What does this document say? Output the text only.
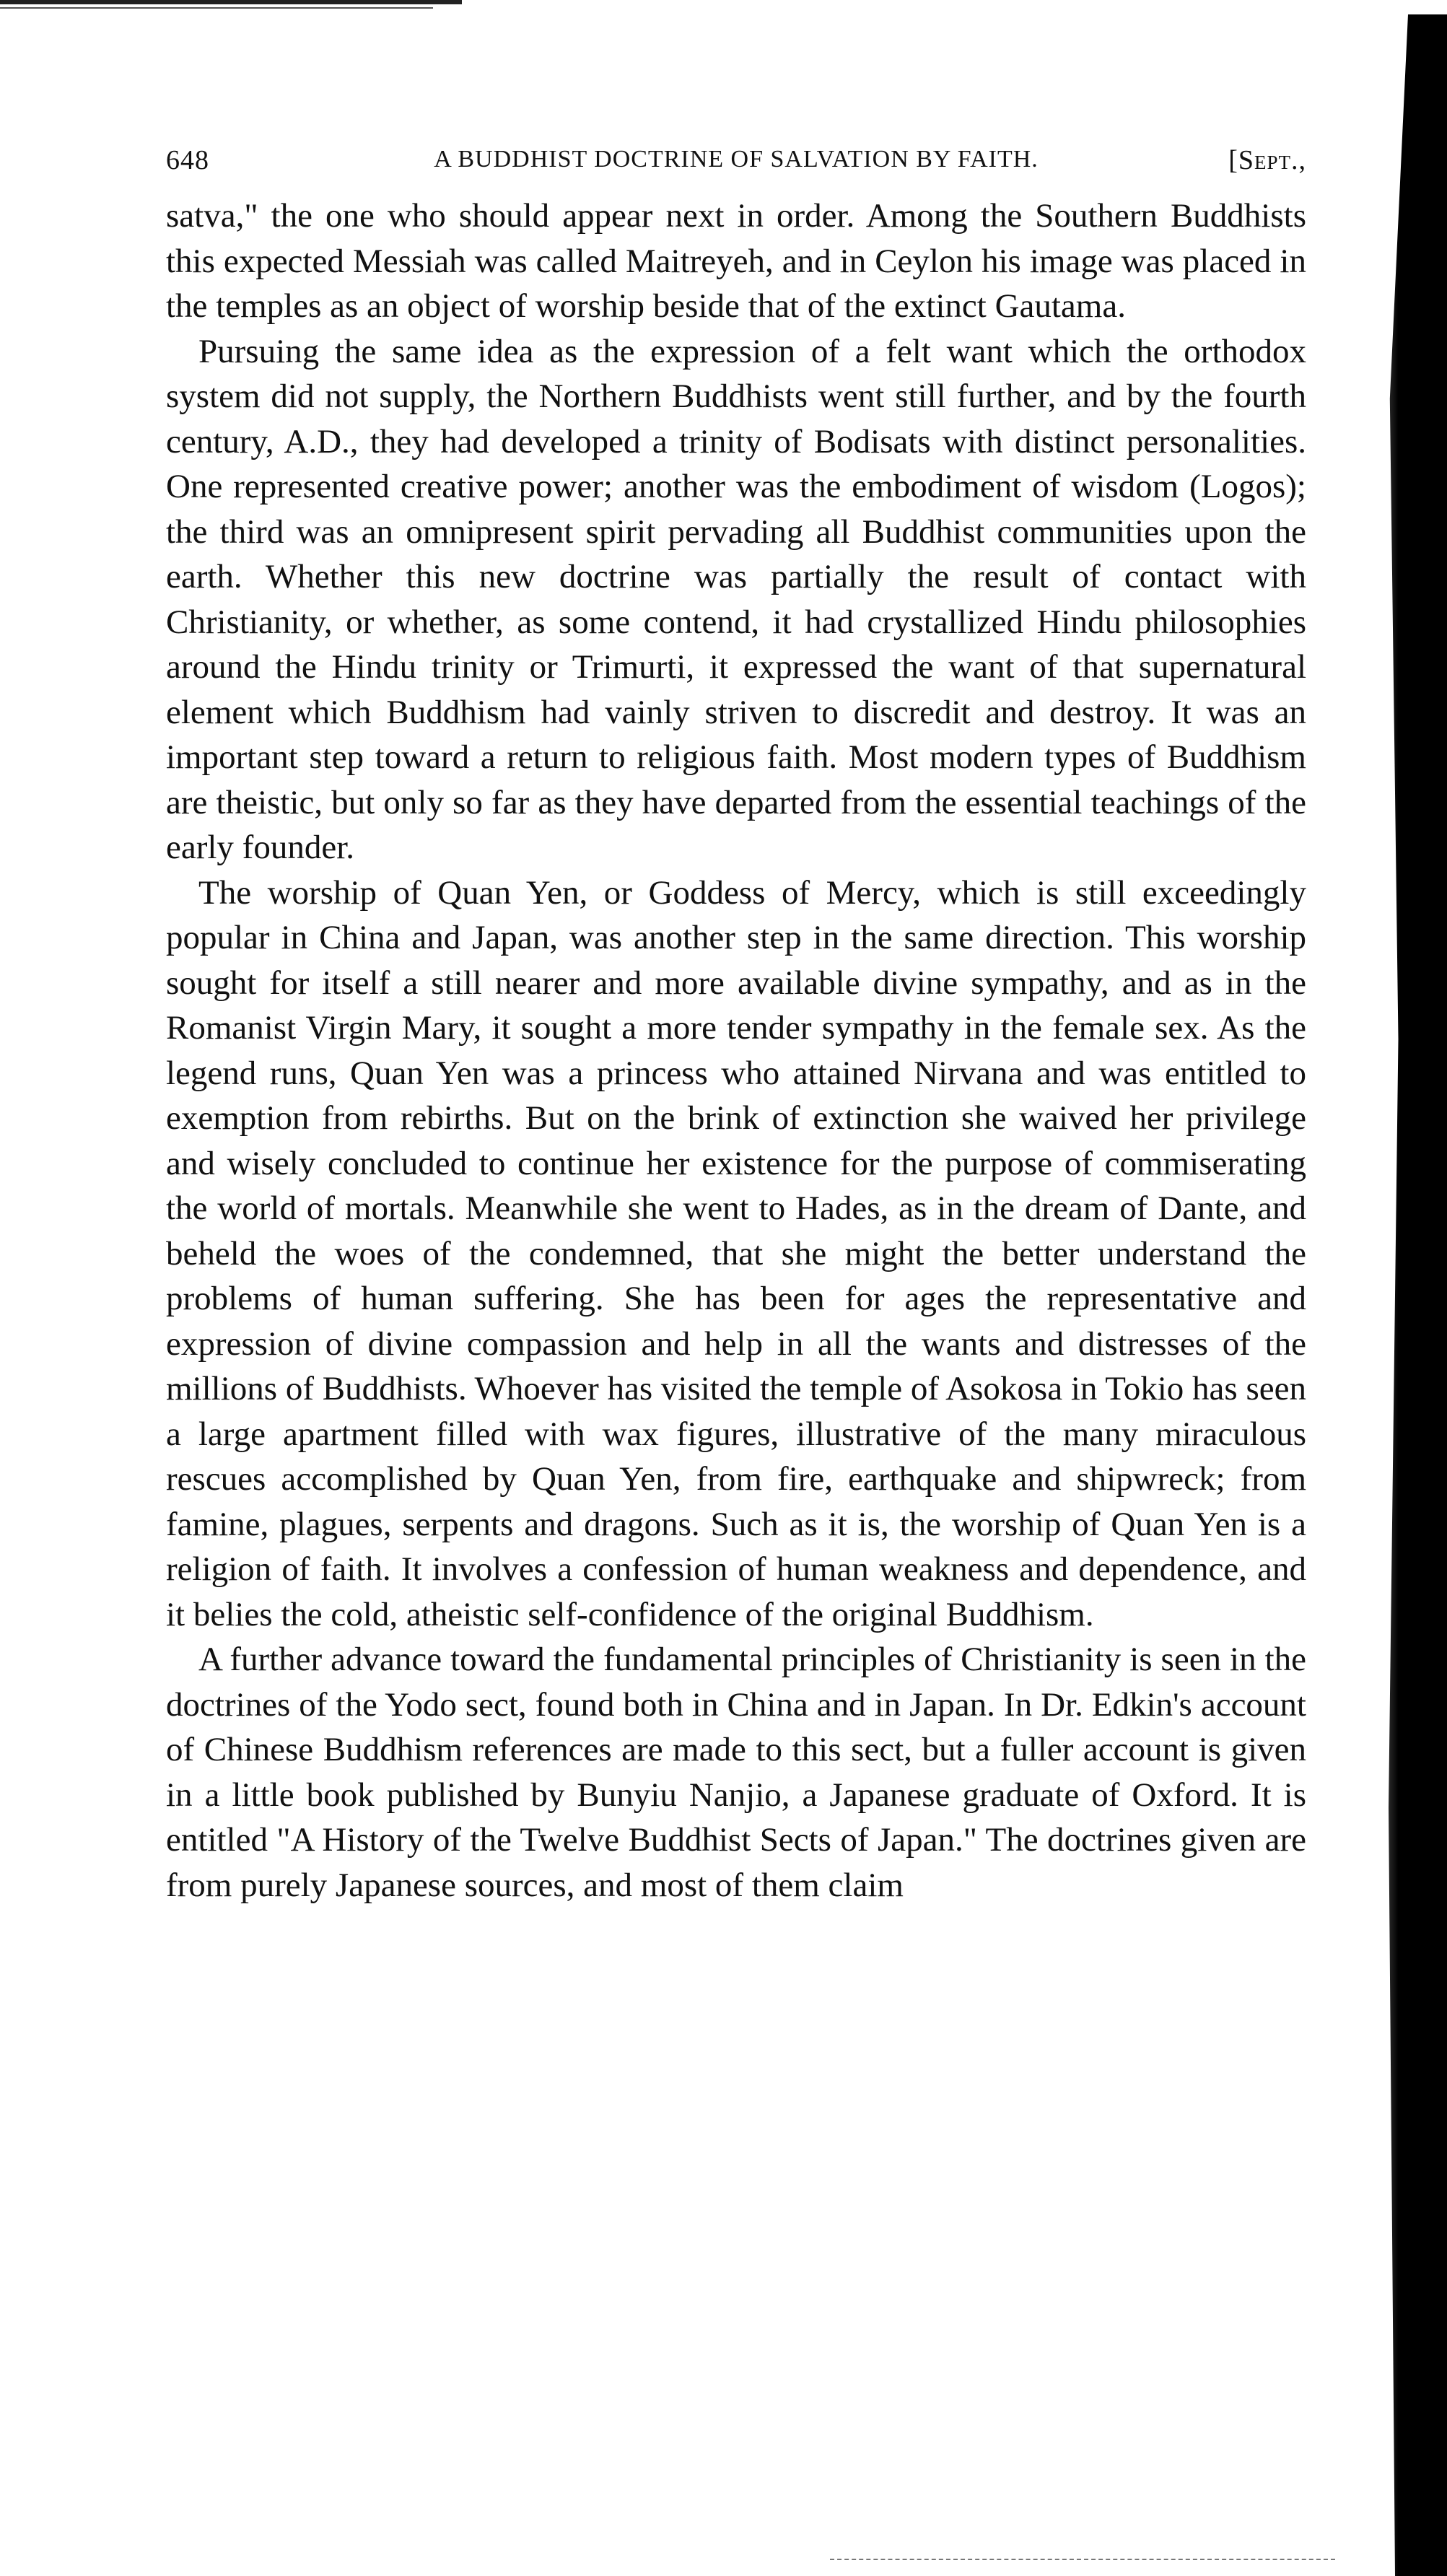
648	A BUDDHIST DOCTRINE OF SALVATION BY FAITH.	[Sept.,

satva," the one who should appear next in order. Among the Southern Buddhists this expected Messiah was called Maitreyeh, and in Ceylon his image was placed in the temples as an object of worship beside that of the extinct Gautama.

Pursuing the same idea as the expression of a felt want which the orthodox system did not supply, the Northern Buddhists went still further, and by the fourth century, A.D., they had developed a trinity of Bodisats with distinct personalities. One represented creative power; another was the embodiment of wisdom (Logos); the third was an omnipresent spirit pervading all Buddhist communities upon the earth. Whether this new doctrine was partially the result of contact with Christianity, or whether, as some contend, it had crystallized Hindu philosophies around the Hindu trinity or Trimurti, it expressed the want of that supernatural element which Buddhism had vainly striven to discredit and destroy. It was an important step toward a return to religious faith. Most modern types of Buddhism are theistic, but only so far as they have departed from the essential teachings of the early founder.

The worship of Quan Yen, or Goddess of Mercy, which is still exceedingly popular in China and Japan, was another step in the same direction. This worship sought for itself a still nearer and more available divine sympathy, and as in the Romanist Virgin Mary, it sought a more tender sympathy in the female sex. As the legend runs, Quan Yen was a princess who attained Nirvana and was entitled to exemption from rebirths. But on the brink of extinction she waived her privilege and wisely concluded to continue her existence for the purpose of commiserating the world of mortals. Meanwhile she went to Hades, as in the dream of Dante, and beheld the woes of the condemned, that she might the better understand the problems of human suffering. She has been for ages the representative and expression of divine compassion and help in all the wants and distresses of the millions of Buddhists. Whoever has visited the temple of Asokosa in Tokio has seen a large apartment filled with wax figures, illustrative of the many miraculous rescues accomplished by Quan Yen, from fire, earthquake and shipwreck; from famine, plagues, serpents and dragons. Such as it is, the worship of Quan Yen is a religion of faith. It involves a confession of human weakness and dependence, and it belies the cold, atheistic self-confidence of the original Buddhism.

A further advance toward the fundamental principles of Christianity is seen in the doctrines of the Yodo sect, found both in China and in Japan. In Dr. Edkin's account of Chinese Buddhism references are made to this sect, but a fuller account is given in a little book published by Bunyiu Nanjio, a Japanese graduate of Oxford. It is entitled "A History of the Twelve Buddhist Sects of Japan." The doctrines given are from purely Japanese sources, and most of them claim
